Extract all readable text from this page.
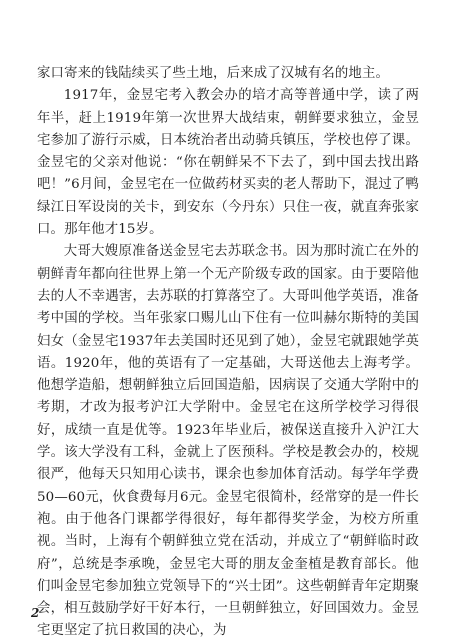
家口寄来的钱陆续买了些土地，后来成了汉城有名的地主。

1917年，金昱宅考入教会办的培才高等普通中学，读了两年半，赶上1919年第一次世界大战结束，朝鲜要求独立，金昱宅参加了游行示威，日本统治者出动骑兵镇压，学校也停了课。金昱宅的父亲对他说：“你在朝鲜呆不下去了，到中国去找出路吧！”6月间，金昱宅在一位做药材买卖的老人帮助下，混过了鸭绿江日军设岗的关卡，到安东（今丹东）只住一夜，就直奔张家口。那年他才15岁。

大哥大嫂原准备送金昱宅去苏联念书。因为那时流亡在外的朝鲜青年都向往世界上第一个无产阶级专政的国家。由于要陪他去的人不幸遇害，去苏联的打算落空了。大哥叫他学英语，准备考中国的学校。当年张家口赐儿山下住有一位叫赫尔斯特的美国妇女（金昱宅1937年去美国时还见到了她），金昱宅就跟她学英语。1920年，他的英语有了一定基础，大哥送他去上海考学。他想学造船，想朝鲜独立后回国造船，因病误了交通大学附中的考期，才改为报考沪江大学附中。金昱宅在这所学校学习得很好，成绩一直是优等。1923年毕业后，被保送直接升入沪江大学。该大学没有工科，金就上了医预科。学校是教会办的，校规很严，他每天只知用心读书，课余也参加体育活动。每学年学费50—60元，伙食费每月6元。金昱宅很简朴，经常穿的是一件长袍。由于他各门课都学得很好，每年都得奖学金，为校方所重视。当时，上海有个朝鲜独立党在活动，并成立了“朝鲜临时政府”，总统是李承晚，金昱宅大哥的朋友金奎植是教育部长。他们叫金昱宅参加独立党领导下的“兴士团”。这些朝鲜青年定期聚会，相互鼓励学好干好本行，一旦朝鲜独立，好回国效力。金昱宅更坚定了抗日救国的决心，为

2
